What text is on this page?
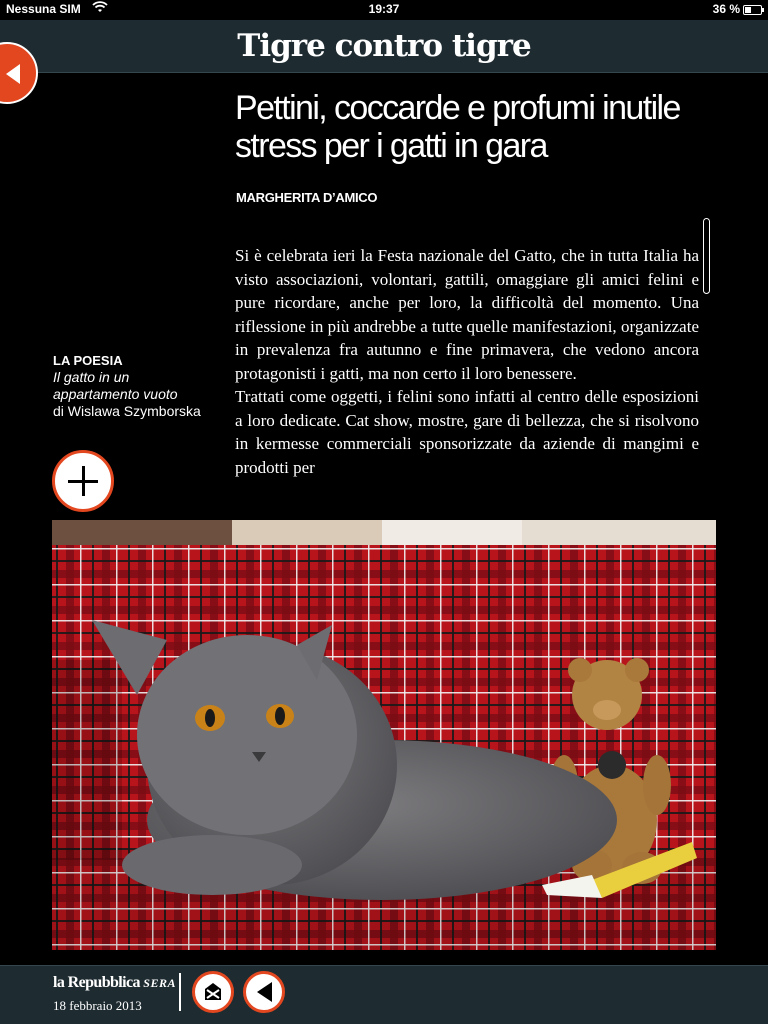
Nessuna SIM	19:37	36 %
Tigre contro tigre
Pettini, coccarde e profumi inutile stress per i gatti in gara
MARGHERITA D’AMICO

Si è celebrata ieri la Festa nazionale del Gatto, che in tutta Italia ha visto associazioni, volontari, gattili, omaggiare gli amici felini e pure ricordare, anche per loro, la difficoltà del momento. Una riflessione in più andrebbe a tutte quelle manifestazioni, organizzate in prevalenza fra autunno e fine primavera, che vedono ancora protagonisti i gatti, ma non certo il loro benessere.

Trattati come oggetti, i felini sono infatti al centro delle esposizioni a loro dedicate. Cat show, mostre, gare di bellezza, che si risolvono in kermesse commerciali sponsorizzate da aziende di mangimi e prodotti per

LA POESIA
Il gatto in un appartamento vuoto
di Wislawa Szymborska
la Repubblica SERA
18 febbraio 2013
